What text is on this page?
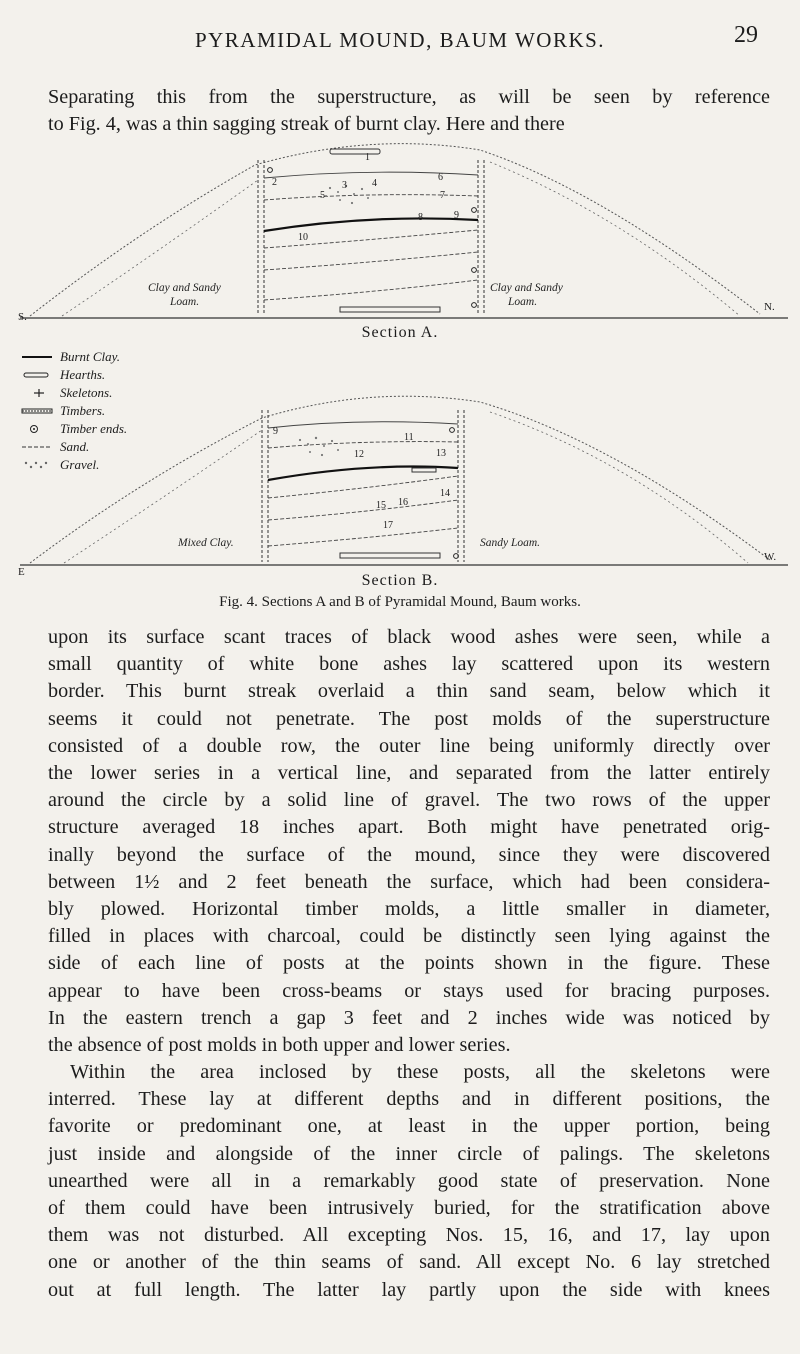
PYRAMIDAL MOUND, BAUM WORKS.	29
Separating this from the superstructure, as will be seen by reference
to Fig. 4, was a thin sagging streak of burnt clay. Here and there
2	3	4
5
6
7
8	9
10
1
Clay and Sandy
Loam.
Clay and Sandy
Loam.
S.
N.
9
11
12	13
14
15 16
17
Mixed Clay.	Sandy Loam.
E
W.
Burnt Clay.
Hearths.
Skeletons.
Timbers.
Timber ends.
Sand.
Gravel.
Section A.
Section B.
Fig. 4. Sections A and B of Pyramidal Mound, Baum works.
upon its surface scant traces of black wood ashes were seen, while a
small quantity of white bone ashes lay scattered upon its western
border. This burnt streak overlaid a thin sand seam, below which it
seems it could not penetrate. The post molds of the superstructure
consisted of a double row, the outer line being uniformly directly over
the lower series in a vertical line, and separated from the latter entirely
around the circle by a solid line of gravel. The two rows of the upper
structure averaged 18 inches apart. Both might have penetrated orig-
inally beyond the surface of the mound, since they were discovered
between 1½ and 2 feet beneath the surface, which had been considera-
bly plowed. Horizontal timber molds, a little smaller in diameter,
filled in places with charcoal, could be distinctly seen lying against the
side of each line of posts at the points shown in the figure. These
appear to have been cross-beams or stays used for bracing purposes.
In the eastern trench a gap 3 feet and 2 inches wide was noticed by
the absence of post molds in both upper and lower series.
Within the area inclosed by these posts, all the skeletons were
interred. These lay at different depths and in different positions, the
favorite or predominant one, at least in the upper portion, being
just inside and alongside of the inner circle of palings. The skeletons
unearthed were all in a remarkably good state of preservation. None
of them could have been intrusively buried, for the stratification above
them was not disturbed. All excepting Nos. 15, 16, and 17, lay upon
one or another of the thin seams of sand. All except No. 6 lay stretched
out at full length. The latter lay partly upon the side with knees
